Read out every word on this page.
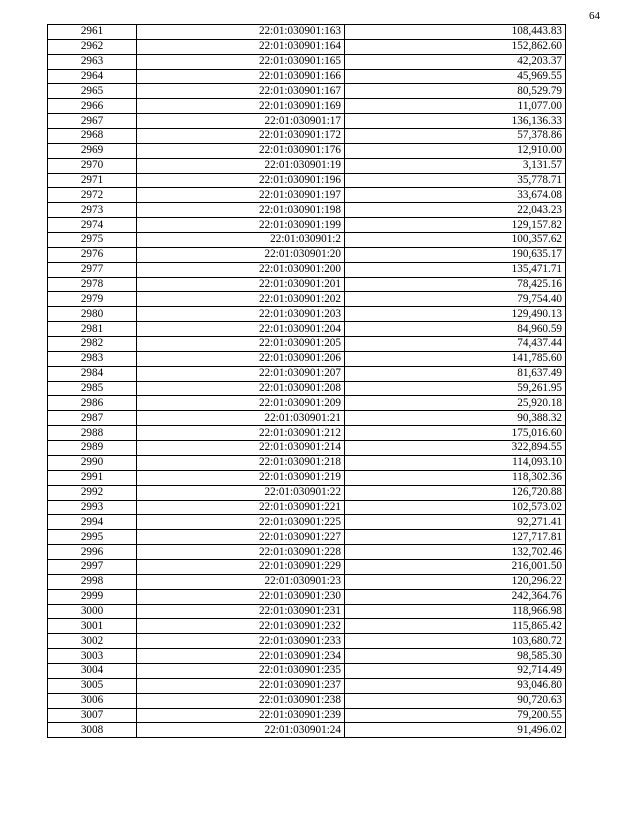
64
2961	22:01:030901:163	108,443.83
2962	22:01:030901:164	152,862.60
2963	22:01:030901:165	42,203.37
2964	22:01:030901:166	45,969.55
2965	22:01:030901:167	80,529.79
2966	22:01:030901:169	11,077.00
2967	22:01:030901:17	136,136.33
2968	22:01:030901:172	57,378.86
2969	22:01:030901:176	12,910.00
2970	22:01:030901:19	3,131.57
2971	22:01:030901:196	35,778.71
2972	22:01:030901:197	33,674.08
2973	22:01:030901:198	22,043.23
2974	22:01:030901:199	129,157.82
2975	22:01:030901:2	100,357.62
2976	22:01:030901:20	190,635.17
2977	22:01:030901:200	135,471.71
2978	22:01:030901:201	78,425.16
2979	22:01:030901:202	79,754.40
2980	22:01:030901:203	129,490.13
2981	22:01:030901:204	84,960.59
2982	22:01:030901:205	74,437.44
2983	22:01:030901:206	141,785.60
2984	22:01:030901:207	81,637.49
2985	22:01:030901:208	59,261.95
2986	22:01:030901:209	25,920.18
2987	22:01:030901:21	90,388.32
2988	22:01:030901:212	175,016.60
2989	22:01:030901:214	322,894.55
2990	22:01:030901:218	114,093.10
2991	22:01:030901:219	118,302.36
2992	22:01:030901:22	126,720.88
2993	22:01:030901:221	102,573.02
2994	22:01:030901:225	92,271.41
2995	22:01:030901:227	127,717.81
2996	22:01:030901:228	132,702.46
2997	22:01:030901:229	216,001.50
2998	22:01:030901:23	120,296.22
2999	22:01:030901:230	242,364.76
3000	22:01:030901:231	118,966.98
3001	22:01:030901:232	115,865.42
3002	22:01:030901:233	103,680.72
3003	22:01:030901:234	98,585.30
3004	22:01:030901:235	92,714.49
3005	22:01:030901:237	93,046.80
3006	22:01:030901:238	90,720.63
3007	22:01:030901:239	79,200.55
3008	22:01:030901:24	91,496.02
